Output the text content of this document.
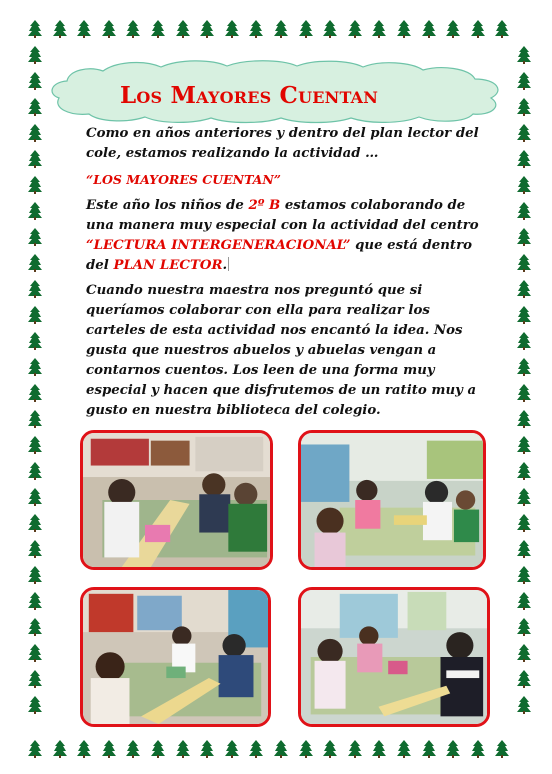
Los Mayores Cuentan

Como en años anteriores y dentro del plan lector del cole, estamos realizando la actividad …

“LOS MAYORES CUENTAN”

Este año los niños de 2º B estamos colaborando de una manera muy especial con la actividad del centro “LECTURA INTERGENERACIONAL” que está dentro del PLAN LECTOR.

Cuando nuestra maestra nos preguntó que si queríamos colaborar con ella para realizar los carteles de esta actividad nos encantó la idea. Nos gusta que nuestros abuelos y abuelas vengan a contarnos cuentos. Los leen de una forma muy especial y hacen que disfrutemos de un ratito muy a gusto en nuestra biblioteca del colegio.
